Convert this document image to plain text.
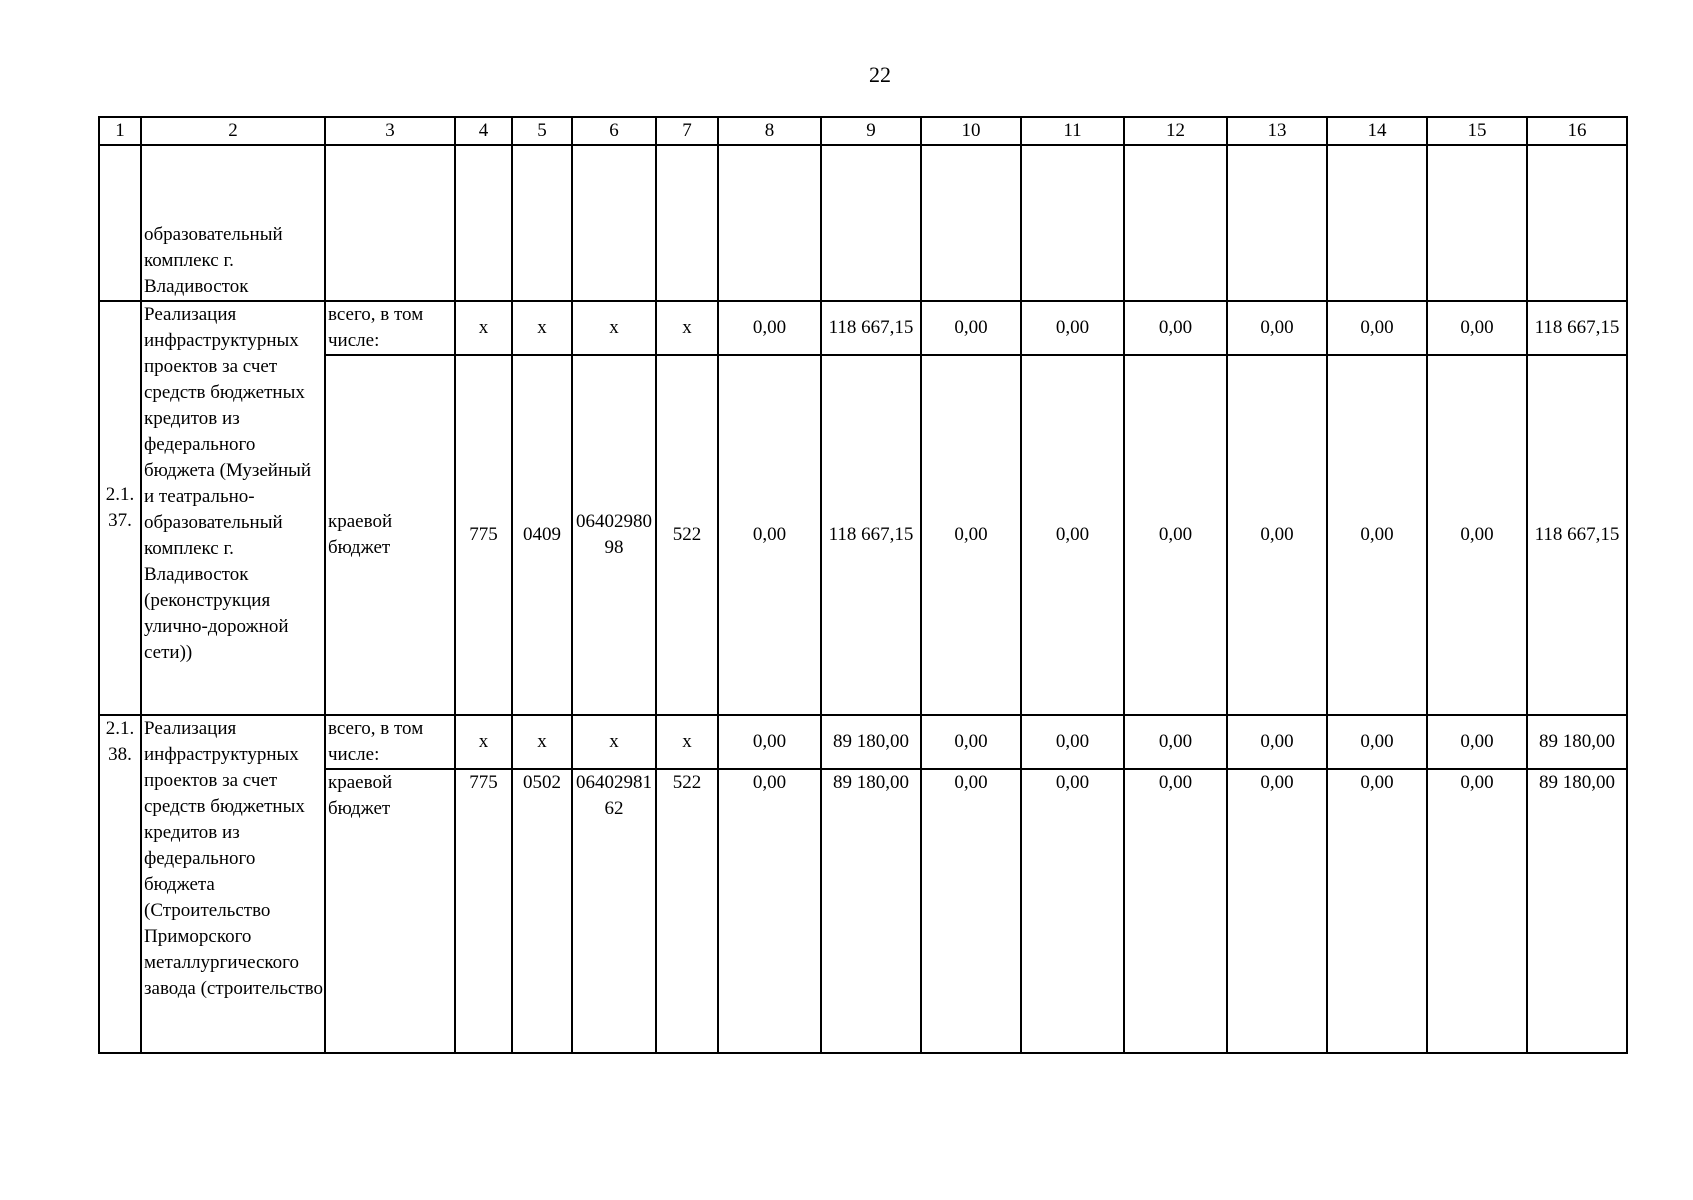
22
1	2	3	4	5	6	7	8	9	10	11	12	13	14	15	16
	образовательный комплекс г. Владивосток														
2.1. 37.	Реализация инфраструктурных проектов за счет средств бюджетных кредитов из федерального бюджета (Музейный и театрально-образовательный комплекс г. Владивосток (реконструкция улично-дорожной сети))	всего, в том числе:	х	х	х	х	0,00	118 667,15	0,00	0,00	0,00	0,00	0,00	0,00	118 667,15
		краевой бюджет	775	0409	0640298098	522	0,00	118 667,15	0,00	0,00	0,00	0,00	0,00	0,00	118 667,15
2.1. 38.	Реализация инфраструктурных проектов за счет средств бюджетных кредитов из федерального бюджета (Строительство Приморского металлургического завода (строительство	всего, в том числе:	х	х	х	х	0,00	89 180,00	0,00	0,00	0,00	0,00	0,00	0,00	89 180,00
		краевой бюджет	775	0502	0640298162	522	0,00	89 180,00	0,00	0,00	0,00	0,00	0,00	0,00	89 180,00
